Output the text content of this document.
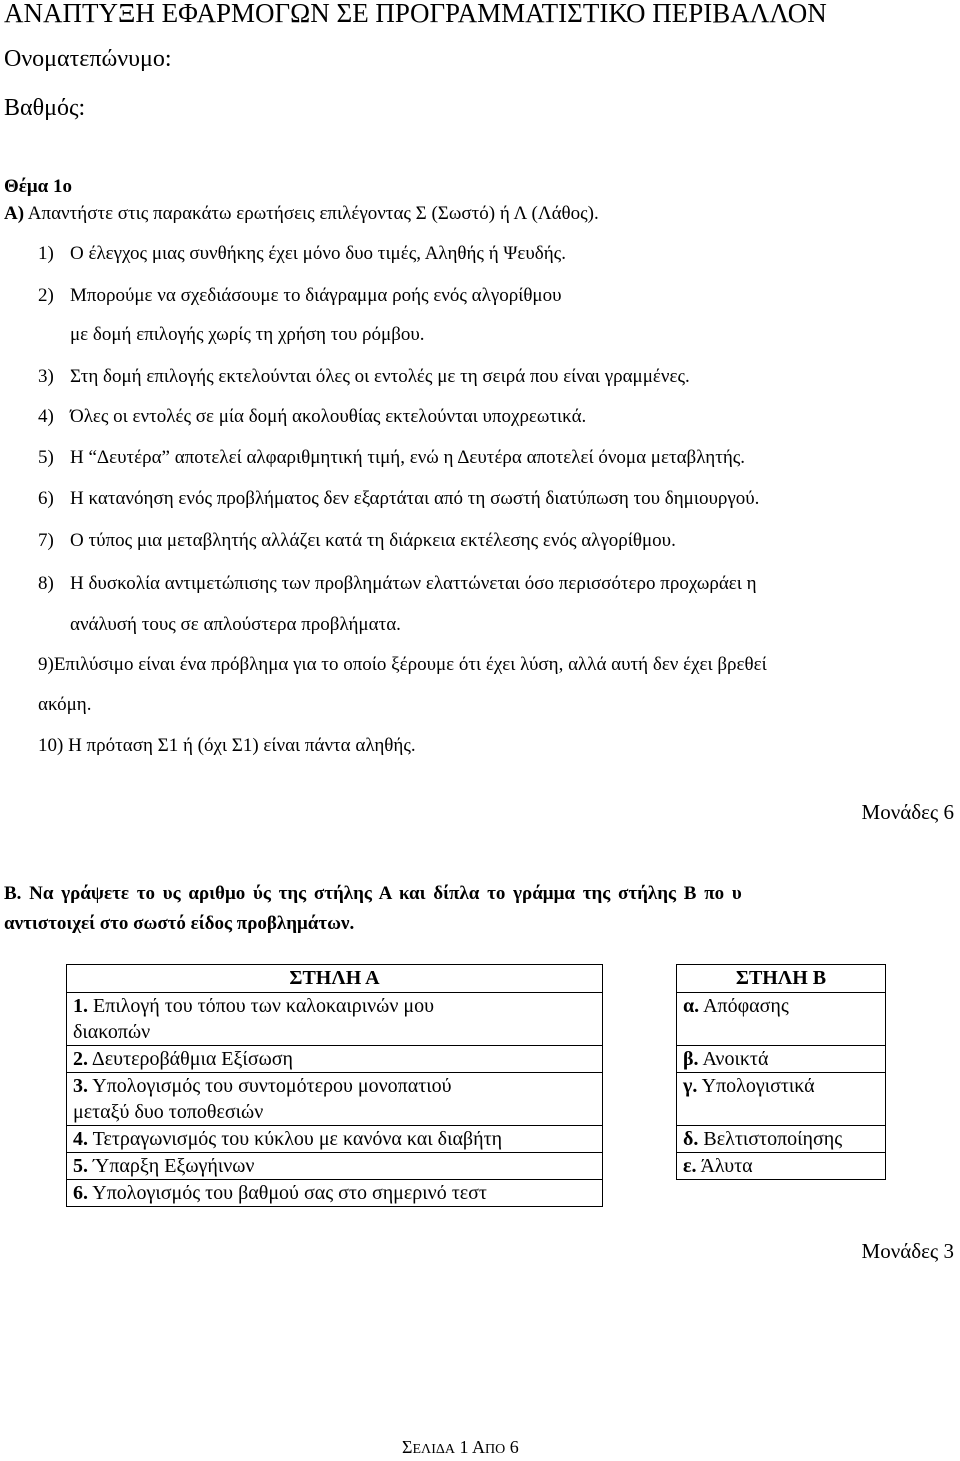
ΑΝΑΠΤΥΞΗ ΕΦΑΡΜΟΓΩΝ ΣΕ ΠΡΟΓΡΑΜΜΑΤΙΣΤΙΚΟ ΠΕΡΙΒΑΛΛΟΝ
Ονοματεπώνυμο:
Βαθμός:
Θέμα 1ο
Α) Απαντήστε στις παρακάτω ερωτήσεις επιλέγοντας Σ (Σωστό) ή Λ (Λάθος).
1) Ο έλεγχος μιας συνθήκης έχει μόνο δυο τιμές, Αληθής ή Ψευδής.
2) Μπορούμε να σχεδιάσουμε το διάγραμμα ροής ενός αλγορίθμου
με δομή επιλογής χωρίς τη χρήση του ρόμβου.
3) Στη δομή επιλογής εκτελούνται όλες οι εντολές με τη σειρά που είναι γραμμένες.
4) Όλες οι εντολές σε μία δομή ακολουθίας εκτελούνται υποχρεωτικά.
5) Η “Δευτέρα” αποτελεί αλφαριθμητική τιμή, ενώ η Δευτέρα αποτελεί όνομα μεταβλητής.
6) Η κατανόηση ενός προβλήματος δεν εξαρτάται από τη σωστή διατύπωση του δημιουργού.
7) Ο τύπος μια μεταβλητής αλλάζει κατά τη διάρκεια εκτέλεσης ενός αλγορίθμου.
8) Η δυσκολία αντιμετώπισης των προβλημάτων ελαττώνεται όσο περισσότερο προχωράει η
ανάλυσή τους σε απλούστερα προβλήματα.
9)Επιλύσιμο είναι ένα πρόβλημα για το οποίο ξέρουμε ότι έχει λύση, αλλά αυτή δεν έχει βρεθεί
ακόμη.
10) Η πρόταση Σ1 ή (όχι Σ1) είναι πάντα αληθής.
Μονάδες 6
Β. Να γράψετε το υς αριθμο ύς της στήλης Α και δίπλα το γράμμα της στήλης Β πο υ
αντιστοιχεί στο σωστό είδος προβλημάτων.
ΣΤΗΛΗ Α
1. Επιλογή του τόπου των καλοκαιρινών μου
διακοπών
2. Δευτεροβάθμια Εξίσωση
3. Υπολογισμός του συντομότερου μονοπατιού
μεταξύ δυο τοποθεσιών
4. Τετραγωνισμός του κύκλου με κανόνα και διαβήτη
5. Ύπαρξη Εξωγήινων
6. Υπολογισμός του βαθμού σας στο σημερινό τεστ
ΣΤΗΛΗ Β
α. Απόφασης
β. Ανοικτά
γ. Υπολογιστικά
δ. Βελτιστοποίησης
ε. Άλυτα
Μονάδες 3
ΣΕΛΙΔΑ 1 ΑΠΟ 6
